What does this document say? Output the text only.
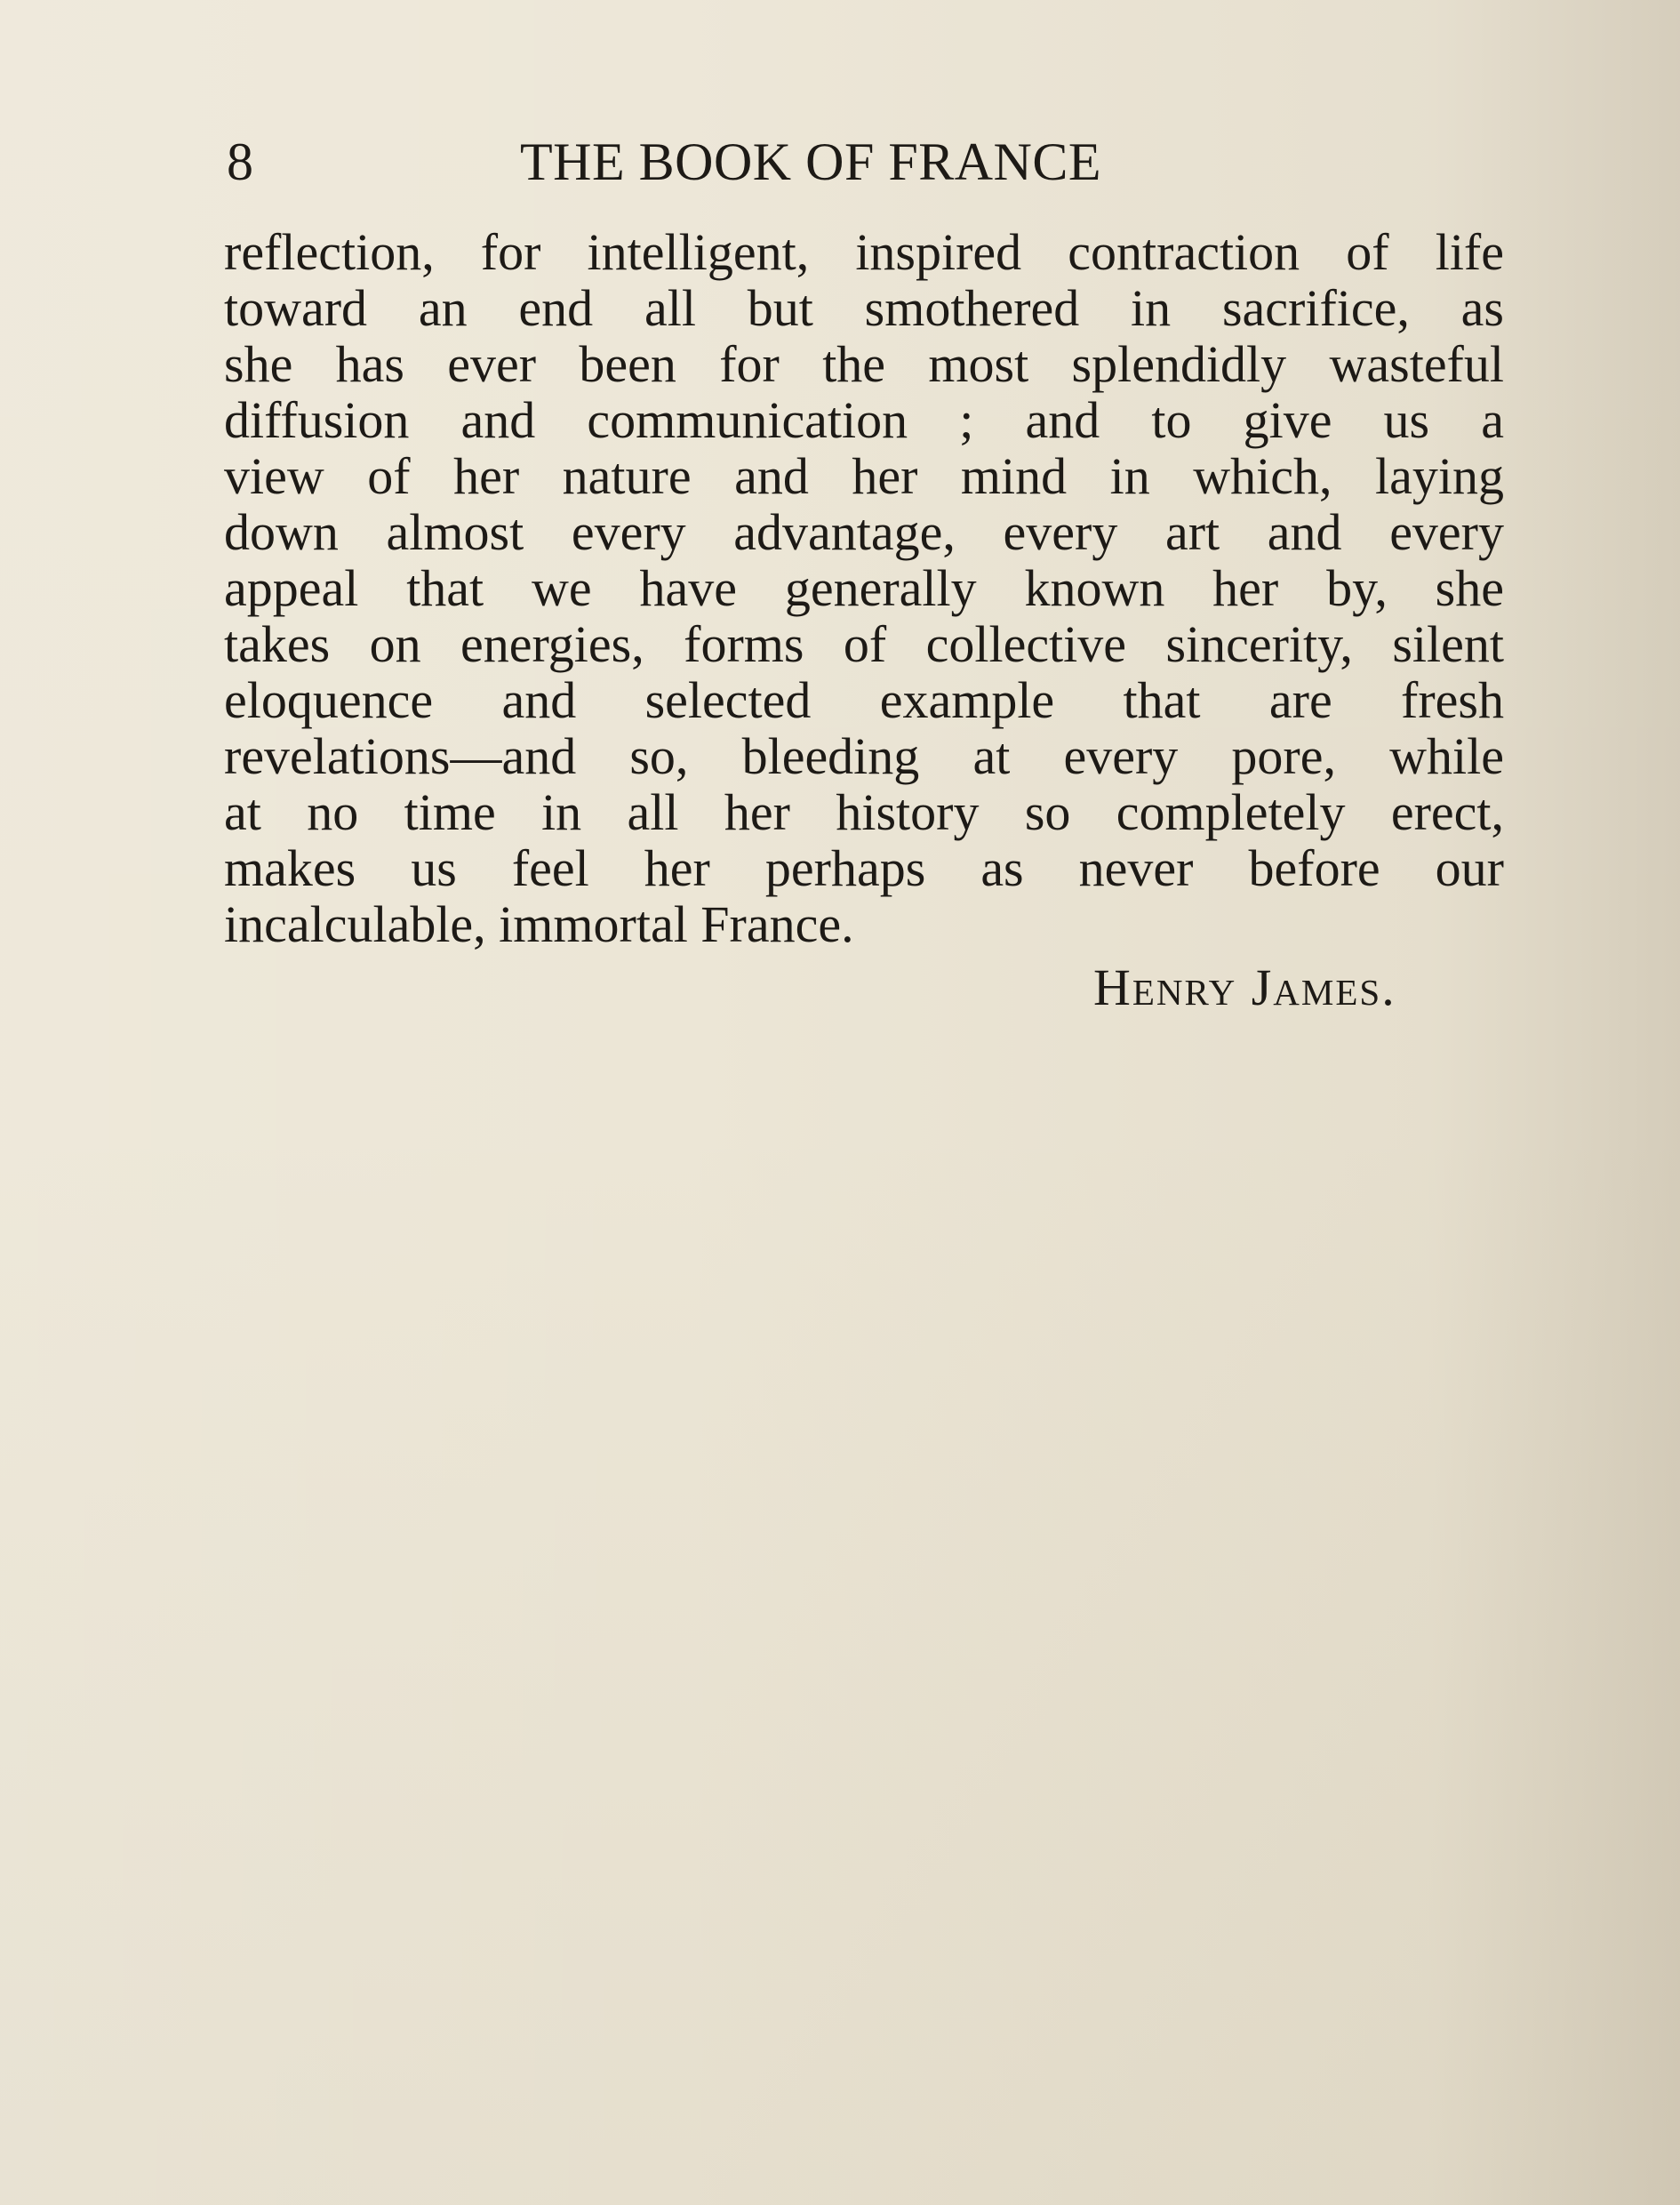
8	THE BOOK OF FRANCE
reflection, for intelligent, inspired contraction of life
toward an end all but smothered in sacrifice, as
she has ever been for the most splendidly wasteful
diffusion and communication ; and to give us a
view of her nature and her mind in which, laying
down almost every advantage, every art and every
appeal that we have generally known her by, she
takes on energies, forms of collective sincerity, silent
eloquence and selected example that are fresh
revelations—and so, bleeding at every pore, while
at no time in all her history so completely erect,
makes us feel her perhaps as never before our
incalculable, immortal France.
Henry James.
